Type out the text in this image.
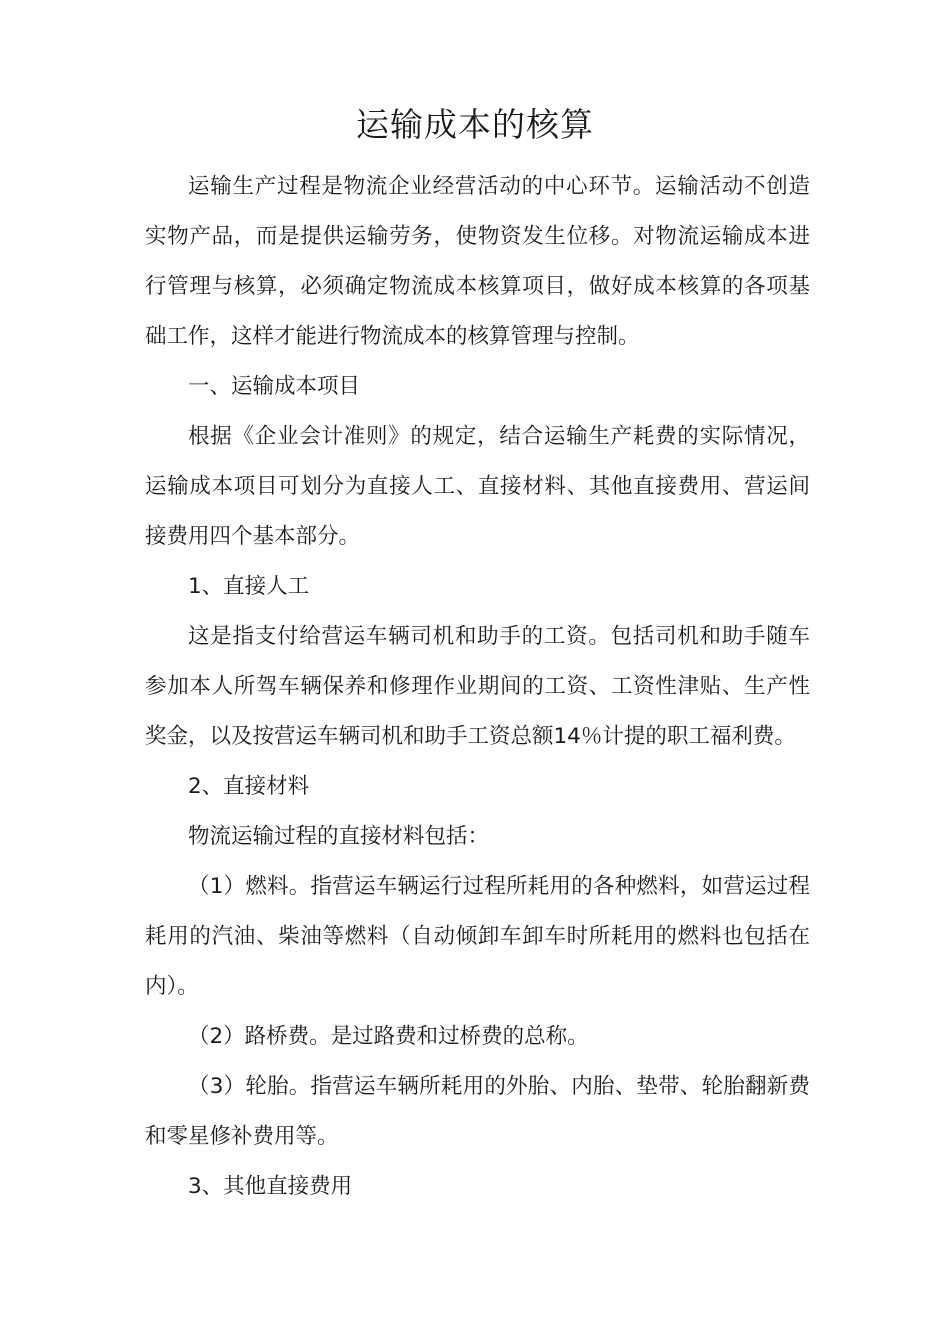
运输成本的核算

运输生产过程是物流企业经营活动的中心环节。运输活动不创造实物产品，而是提供运输劳务，使物资发生位移。对物流运输成本进行管理与核算，必须确定物流成本核算项目，做好成本核算的各项基础工作，这样才能进行物流成本的核算管理与控制。

一、运输成本项目

根据《企业会计准则》的规定，结合运输生产耗费的实际情况，运输成本项目可划分为直接人工、直接材料、其他直接费用、营运间接费用四个基本部分。

1、直接人工

这是指支付给营运车辆司机和助手的工资。包括司机和助手随车参加本人所驾车辆保养和修理作业期间的工资、工资性津贴、生产性奖金，以及按营运车辆司机和助手工资总额14％计提的职工福利费。

2、直接材料

物流运输过程的直接材料包括：

（1）燃料。指营运车辆运行过程所耗用的各种燃料，如营运过程耗用的汽油、柴油等燃料（自动倾卸车卸车时所耗用的燃料也包括在内）。

（2）路桥费。是过路费和过桥费的总称。

（3）轮胎。指营运车辆所耗用的外胎、内胎、垫带、轮胎翻新费和零星修补费用等。

3、其他直接费用
